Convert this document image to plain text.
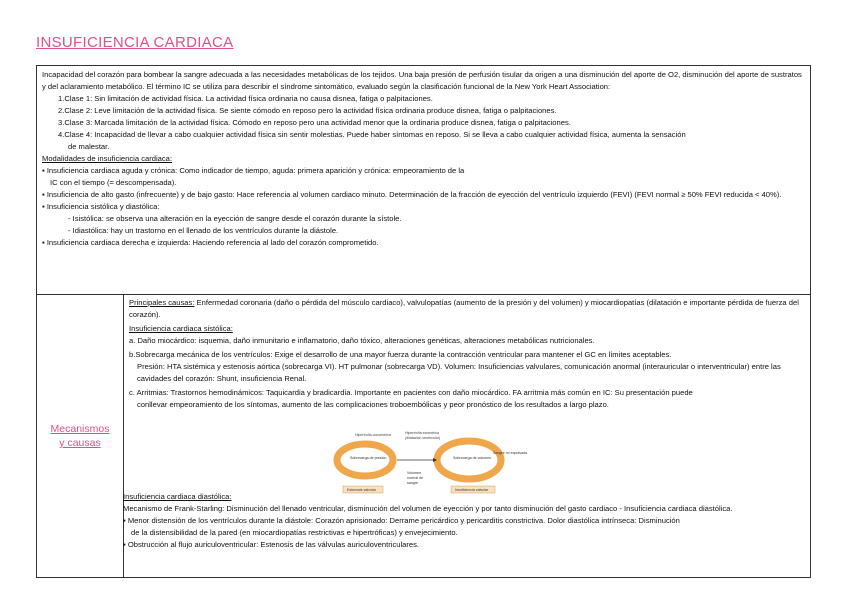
INSUFICIENCIA CARDIACA

Incapacidad del corazón para bombear la sangre adecuada a las necesidades metabólicas de los tejidos. Una baja presión de perfusión tisular da origen a una disminución del aporte de O2, disminución del aporte de sustratos y del aclaramiento metabólico. El término IC se utiliza para describir el síndrome sintomático, evaluado según la clasificación funcional de la New York Heart Association:

1.Clase 1: Sin limitación de actividad física. La actividad física ordinaria no causa disnea, fatiga o palpitaciones.

2.Clase 2: Leve limitación de la actividad física. Se siente cómodo en reposo pero la actividad física ordinaria produce disnea, fatiga o palpitaciones.

3.Clase 3: Marcada limitación de la actividad física. Cómodo en reposo pero una actividad menor que la ordinaria produce disnea, fatiga o palpitaciones.

4.Clase 4: Incapacidad de llevar a cabo cualquier actividad física sin sentir molestias. Puede haber síntomas en reposo. Si se lleva a cabo cualquier actividad física, aumenta la sensación

de malestar.

Modalidades de insuficiencia cardiaca:

▪ Insuficiencia cardiaca aguda y crónica: Como indicador de tiempo, aguda: primera aparición y crónica: empeoramiento de la

IC con el tiempo (= descompensada).

▪ Insuficiencia de alto gasto (infrecuente) y de bajo gasto: Hace referencia al volumen cardiaco minuto. Determinación de la fracción de eyección del ventrículo izquierdo (FEVI) (FEVI normal ≥ 50% FEVI reducida < 40%).

▪ Insuficiencia sistólica y diastólica:

- Isistólica: se observa una alteración en la eyección de sangre desde el corazón durante la sístole.

- Idiastólica: hay un trastorno en el llenado de los ventrículos durante la diástole.

▪ Insuficiencia cardiaca derecha e izquierda: Haciendo referencia al lado del corazón comprometido.

Mecanismos
y causas

Principales causas: Enfermedad coronaria (daño o pérdida del músculo cardiaco), valvulopatías (aumento de la presión y del volumen) y miocardiopatías (dilatación e importante pérdida de fuerza del corazón).

Insuficiencia cardiaca sistólica:

a. Daño miocárdico: isquemia, daño inmunitario e inflamatorio, daño tóxico, alteraciones genéticas, alteraciones metabólicas nutricionales.

b.Sobrecarga mecánica de los ventrículos: Exige el desarrollo de una mayor fuerza durante la contracción ventricular para mantener el GC en límites aceptables.

Presión: HTA sistémica y estenosis aórtica (sobrecarga VI). HT pulmonar (sobrecarga VD). Volumen: Insuficiencias valvulares, comunicación anormal (interauricular o interventricular) entre las cavidades del corazón: Shunt, insuficiencia Renal.

c. Arritmias: Trastornos hemodinámicos: Taquicardia y bradicardia. Importante en pacientes con daño miocárdico. FA arritmia más común en IC: Su presentación puede

conllevar empeoramiento de los síntomas, aumento de las complicaciones troboembólicas y peor pronóstico de los resultados a largo plazo.

Hipertrofia concéntrica	Hipertrofia excéntrica
(dilatación ventricular)
Sobrecarga de presión	Sobrecarga de volumen
Sangre no expulsada
Volumen
normal de
sangre
Estenosis valvular	Insuficiencia valvular

Insuficiencia cardiaca diastólica:

Mecanismo de Frank-Starling: Disminución del llenado ventricular, disminución del volumen de eyección y por tanto disminución del gasto cardiaco - Insuficiencia cardiaca diastólica.

▪ Menor distensión de los ventrículos durante la diástole: Corazón aprisionado: Derrame pericárdico y pericarditis constrictiva. Dolor diastólica intrínseca: Disminución

de la distensibilidad de la pared (en miocardiopatías restrictivas e hipertróficas) y envejecimiento.

▪ Obstrucción al flujo auriculoventricular: Estenosis de las válvulas auriculoventriculares.
